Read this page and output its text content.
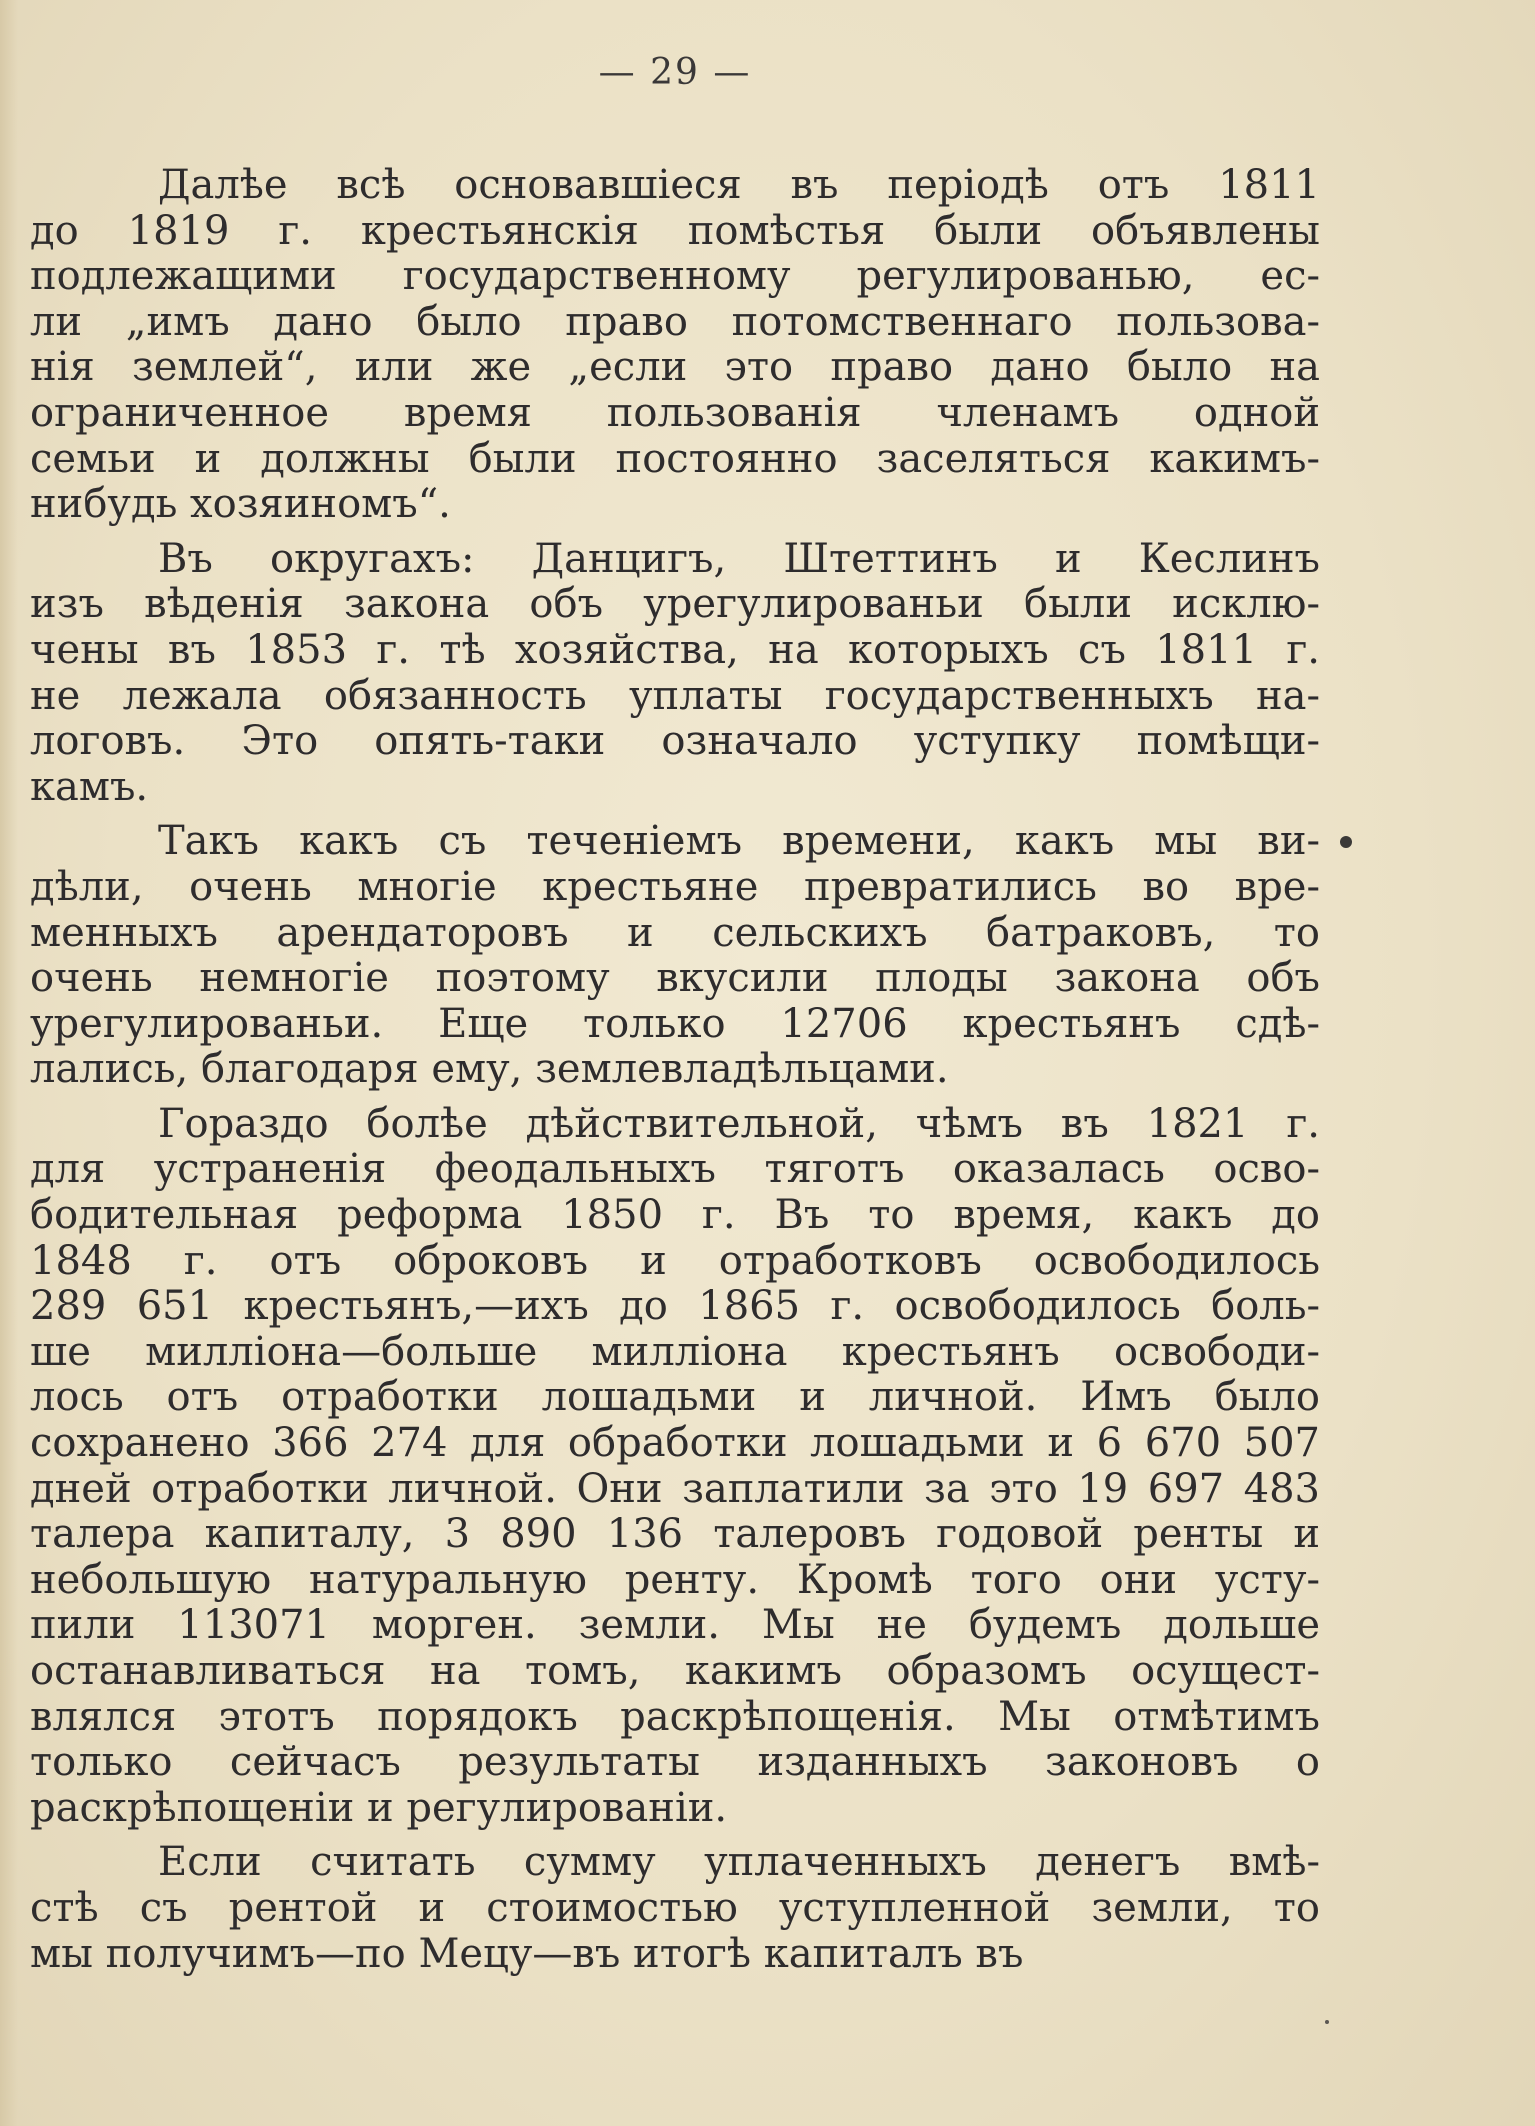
— 29 —
Далѣе всѣ основавшіеся въ періодѣ отъ 1811
до 1819 г. крестьянскія помѣстья были объявлены
подлежащими государственному регулированью, ес-
ли „имъ дано было право потомственнаго пользова-
нія землей“, или же „если это право дано было на
ограниченное время пользованія членамъ одной
семьи и должны были постоянно заселяться какимъ-
нибудь хозяиномъ“.
Въ округахъ: Данцигъ, Штеттинъ и Кеслинъ
изъ вѣденія закона объ урегулированьи были исклю-
чены въ 1853 г. тѣ хозяйства, на которыхъ съ 1811 г.
не лежала обязанность уплаты государственныхъ на-
логовъ. Это опять-таки означало уступку помѣщи-
камъ.
Такъ какъ съ теченіемъ времени, какъ мы ви-
дѣли, очень многіе крестьяне превратились во вре-
менныхъ арендаторовъ и сельскихъ батраковъ, то
очень немногіе поэтому вкусили плоды закона объ
урегулированьи. Еще только 12706 крестьянъ сдѣ-
лались, благодаря ему, землевладѣльцами.
Гораздо болѣе дѣйствительной, чѣмъ въ 1821 г.
для устраненія феодальныхъ тяготъ оказалась осво-
бодительная реформа 1850 г. Въ то время, какъ до
1848 г. отъ оброковъ и отработковъ освободилось
289 651 крестьянъ,—ихъ до 1865 г. освободилось боль-
ше милліона—больше милліона крестьянъ освободи-
лось отъ отработки лошадьми и личной. Имъ было
сохранено 366 274 для обработки лошадьми и 6 670 507
дней отработки личной. Они заплатили за это 19 697 483
талера капиталу, 3 890 136 талеровъ годовой ренты и
небольшую натуральную ренту. Кромѣ того они усту-
пили 113071 морген. земли. Мы не будемъ дольше
останавливаться на томъ, какимъ образомъ осущест-
влялся этотъ порядокъ раскрѣпощенія. Мы отмѣтимъ
только сейчасъ результаты изданныхъ законовъ о
раскрѣпощеніи и регулированіи.
Если считать сумму уплаченныхъ денегъ вмѣ-
стѣ съ рентой и стоимостью уступленной земли, то
мы получимъ—по Мецу—въ итогѣ капиталъ въ
